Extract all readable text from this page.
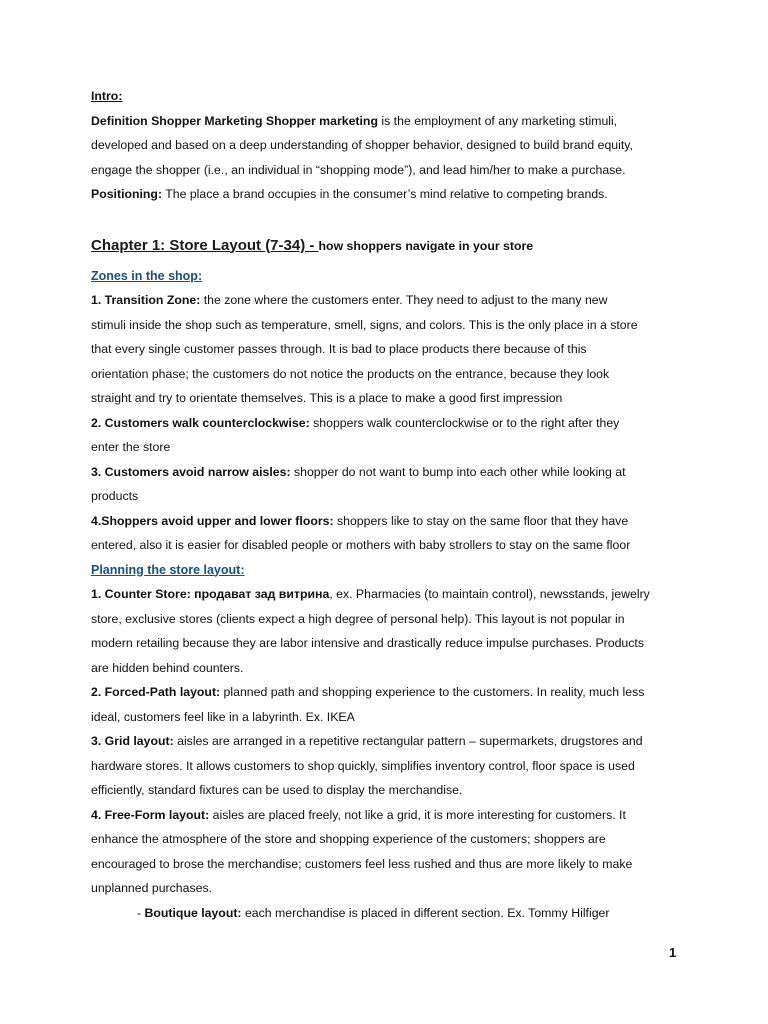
Intro:
Definition Shopper Marketing Shopper marketing is the employment of any marketing stimuli,
developed and based on a deep understanding of shopper behavior, designed to build brand equity,
engage the shopper (i.e., an individual in “shopping mode”), and lead him/her to make a purchase.
Positioning: The place a brand occupies in the consumer’s mind relative to competing brands.
Chapter 1: Store Layout (7-34) - how shoppers navigate in your store
Zones in the shop:
1. Transition Zone: the zone where the customers enter. They need to adjust to the many new
stimuli inside the shop such as temperature, smell, signs, and colors. This is the only place in a store
that every single customer passes through. It is bad to place products there because of this
orientation phase; the customers do not notice the products on the entrance, because they look
straight and try to orientate themselves. This is a place to make a good first impression
2. Customers walk counterclockwise: shoppers walk counterclockwise or to the right after they
enter the store
3. Customers avoid narrow aisles: shopper do not want to bump into each other while looking at
products
4.Shoppers avoid upper and lower floors: shoppers like to stay on the same floor that they have
entered, also it is easier for disabled people or mothers with baby strollers to stay on the same floor
Planning the store layout:
1. Counter Store: продават зад витрина, ex. Pharmacies (to maintain control), newsstands, jewelry
store, exclusive stores (clients expect a high degree of personal help). This layout is not popular in
modern retailing because they are labor intensive and drastically reduce impulse purchases. Products
are hidden behind counters.
2. Forced-Path layout: planned path and shopping experience to the customers. In reality, much less
ideal, customers feel like in a labyrinth. Ex. IKEA
3. Grid layout: aisles are arranged in a repetitive rectangular pattern – supermarkets, drugstores and
hardware stores. It allows customers to shop quickly, simplifies inventory control, floor space is used
efficiently, standard fixtures can be used to display the merchandise.
4. Free-Form layout: aisles are placed freely, not like a grid, it is more interesting for customers. It
enhance the atmosphere of the store and shopping experience of the customers; shoppers are
encouraged to brose the merchandise; customers feel less rushed and thus are more likely to make
unplanned purchases.
- Boutique layout: each merchandise is placed in different section. Ex. Tommy Hilfiger
1
